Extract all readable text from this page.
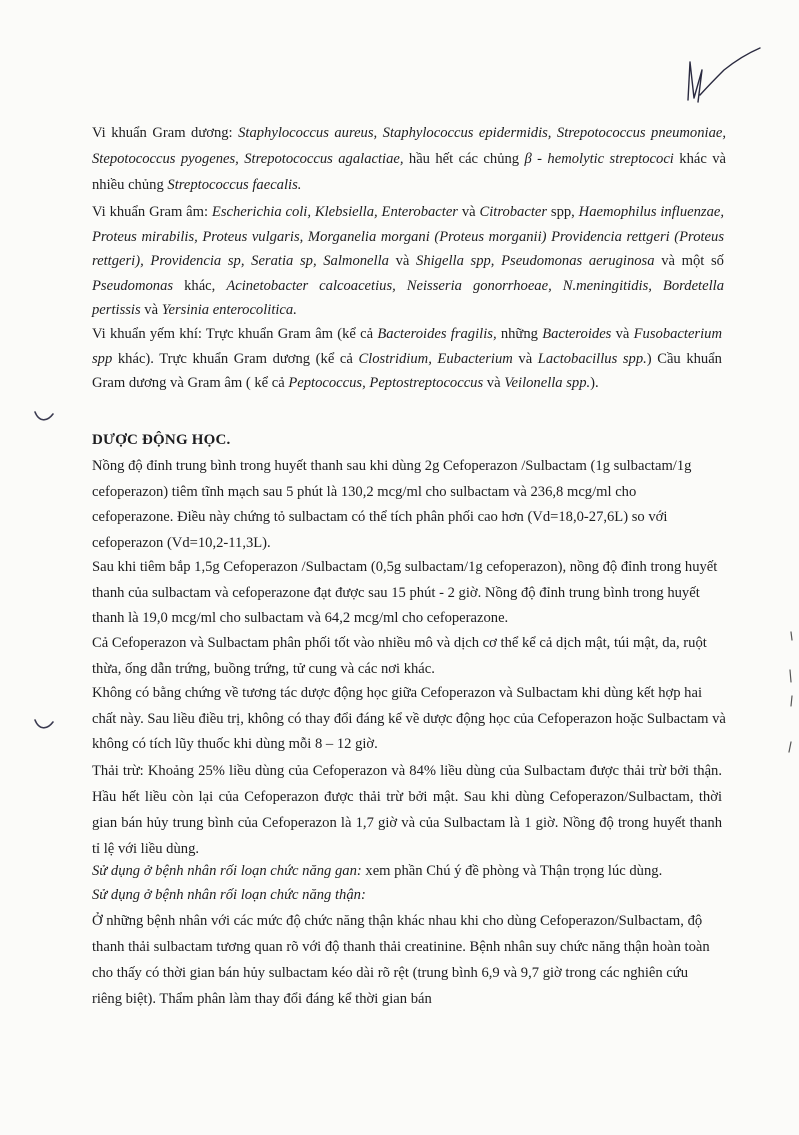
Vi khuẩn Gram dương: Staphylococcus aureus, Staphylococcus epidermidis, Strepotococcus pneumoniae, Stepotococcus pyogenes, Strepotococcus agalactiae, hầu hết các chủng β - hemolytic streptococi khác và nhiều chủng Streptococcus faecalis.
Vi khuẩn Gram âm: Escherichia coli, Klebsiella, Enterobacter và Citrobacter spp, Haemophilus influenzae, Proteus mirabilis, Proteus vulgaris, Morganelia morgani (Proteus morganii) Providencia rettgeri (Proteus rettgeri), Providencia sp, Seratia sp, Salmonella và Shigella spp, Pseudomonas aeruginosa và một số Pseudomonas khác, Acinetobacter calcoacetius, Neisseria gonorrhoeae, N.meningitidis, Bordetella pertissis và Yersinia enterocolitica.
Vi khuẩn yếm khí: Trực khuẩn Gram âm (kể cả Bacteroides fragilis, những Bacteroides và Fusobacterium spp khác). Trực khuẩn Gram dương (kể cả Clostridium, Eubacterium và Lactobacillus spp.) Cầu khuẩn Gram dương và Gram âm ( kể cả Peptococcus, Peptostreptococcus và Veilonella spp.).
DƯỢC ĐỘNG HỌC.
Nồng độ đỉnh trung bình trong huyết thanh sau khi dùng 2g Cefoperazon /Sulbactam (1g sulbactam/1g cefoperazon) tiêm tĩnh mạch sau 5 phút là 130,2 mcg/ml cho sulbactam và 236,8 mcg/ml cho cefoperazone. Điều này chứng tỏ sulbactam có thể tích phân phối cao hơn (Vd=18,0-27,6L) so với cefoperazon (Vd=10,2-11,3L).
Sau khi tiêm bắp 1,5g Cefoperazon /Sulbactam (0,5g sulbactam/1g cefoperazon), nồng độ đỉnh trong huyết thanh của sulbactam và cefoperazone đạt được sau 15 phút - 2 giờ. Nồng độ đỉnh trung bình trong huyết thanh là 19,0 mcg/ml cho sulbactam và 64,2 mcg/ml cho cefoperazone.
Cả Cefoperazon và Sulbactam phân phối tốt vào nhiều mô và dịch cơ thể kể cả dịch mật, túi mật, da, ruột thừa, ống dẫn trứng, buồng trứng, tử cung và các nơi khác.
Không có bằng chứng về tương tác dược động học giữa Cefoperazon và Sulbactam khi dùng kết hợp hai chất này. Sau liều điều trị, không có thay đổi đáng kể về dược động học của Cefoperazon hoặc Sulbactam và không có tích lũy thuốc khi dùng mỗi 8 – 12 giờ.
Thải trừ: Khoảng 25% liều dùng của Cefoperazon và 84% liều dùng của Sulbactam được thải trừ bởi thận. Hầu hết liều còn lại của Cefoperazon được thải trừ bởi mật. Sau khi dùng Cefoperazon/Sulbactam, thời gian bán hủy trung bình của Cefoperazon là 1,7 giờ và của Sulbactam là 1 giờ. Nồng độ trong huyết thanh tỉ lệ với liều dùng.
Sử dụng ở bệnh nhân rối loạn chức năng gan: xem phần Chú ý đề phòng và Thận trọng lúc dùng.
Sử dụng ở bệnh nhân rối loạn chức năng thận:
Ở những bệnh nhân với các mức độ chức năng thận khác nhau khi cho dùng Cefoperazon/Sulbactam, độ thanh thải sulbactam tương quan rõ với độ thanh thải creatinine. Bệnh nhân suy chức năng thận hoàn toàn cho thấy có thời gian bán hủy sulbactam kéo dài rõ rệt (trung bình 6,9 và 9,7 giờ trong các nghiên cứu riêng biệt). Thẩm phân làm thay đổi đáng kể thời gian bán
